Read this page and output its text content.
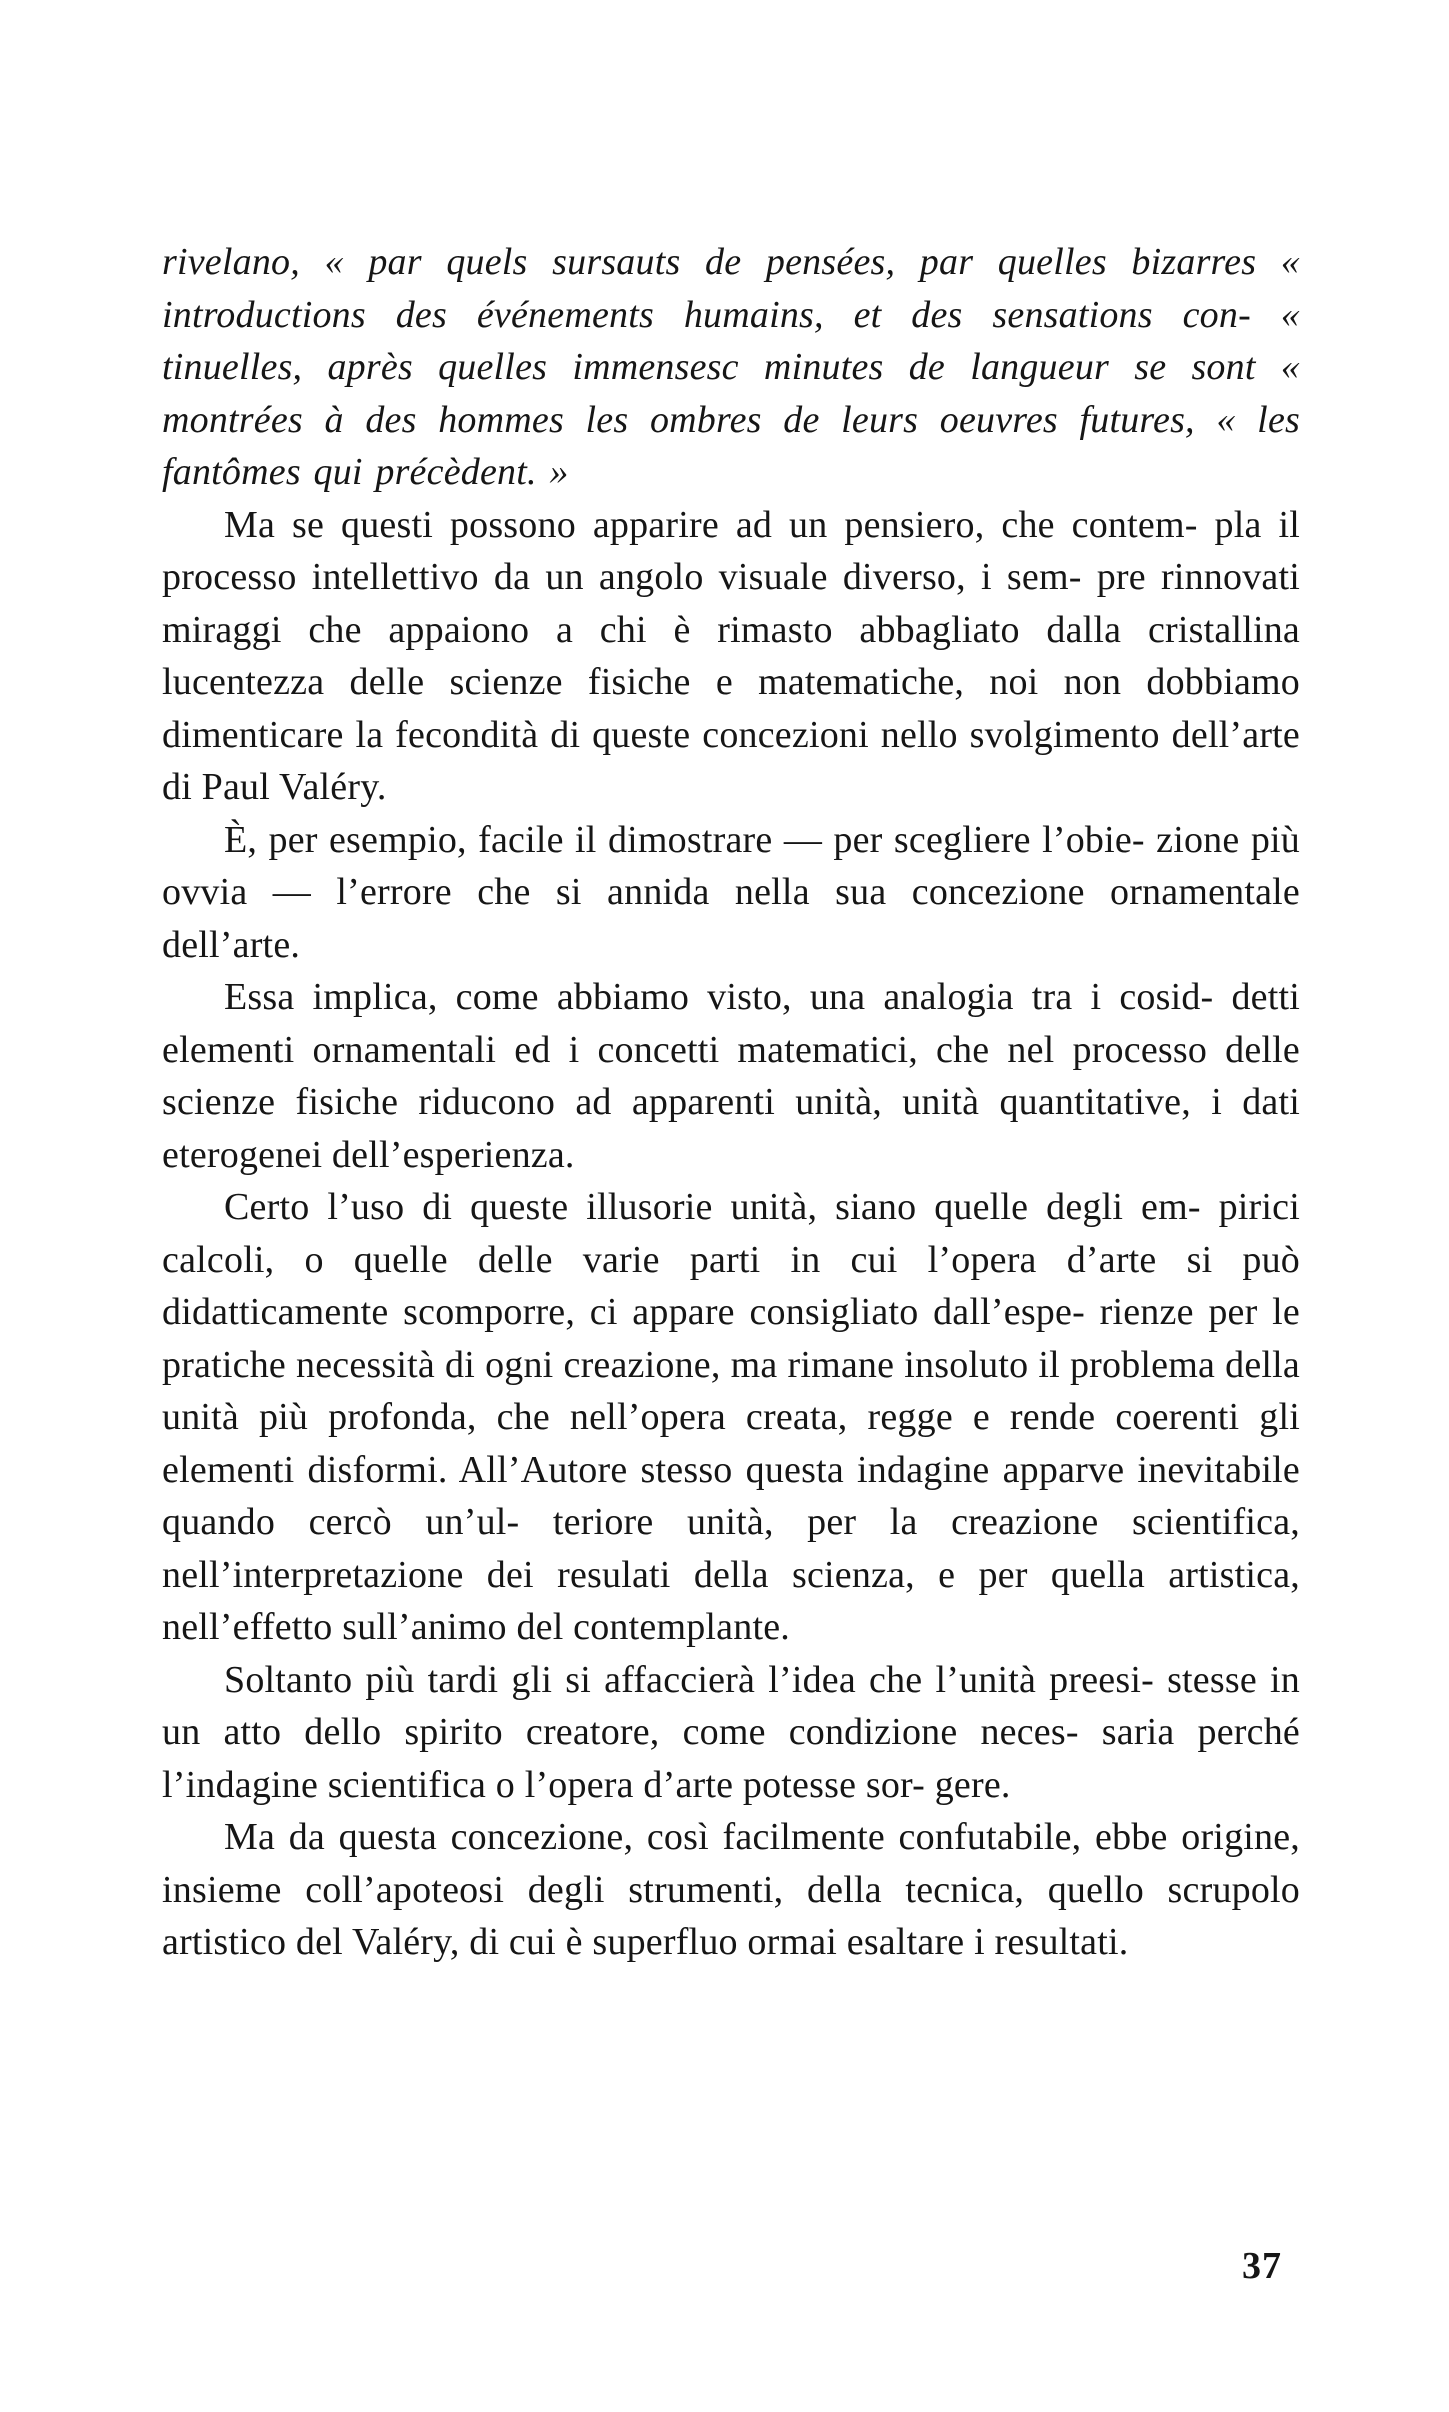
rivelano, « par quels sursauts de pensées, par quelles bizarres « introductions des événements humains, et des sensations con- « tinuelles, après quelles immensesc minutes de langueur se sont « montrées à des hommes les ombres de leurs oeuvres futures, « les fantômes qui précèdent. »

Ma se questi possono apparire ad un pensiero, che contem- pla il processo intellettivo da un angolo visuale diverso, i sem- pre rinnovati miraggi che appaiono a chi è rimasto abbagliato dalla cristallina lucentezza delle scienze fisiche e matematiche, noi non dobbiamo dimenticare la fecondità di queste concezioni nello svolgimento dell’arte di Paul Valéry.

È, per esempio, facile il dimostrare — per scegliere l’obie- zione più ovvia — l’errore che si annida nella sua concezione ornamentale dell’arte.

Essa implica, come abbiamo visto, una analogia tra i cosid- detti elementi ornamentali ed i concetti matematici, che nel processo delle scienze fisiche riducono ad apparenti unità, unità quantitative, i dati eterogenei dell’esperienza.

Certo l’uso di queste illusorie unità, siano quelle degli em- pirici calcoli, o quelle delle varie parti in cui l’opera d’arte si può didatticamente scomporre, ci appare consigliato dall’espe- rienze per le pratiche necessità di ogni creazione, ma rimane insoluto il problema della unità più profonda, che nell’opera creata, regge e rende coerenti gli elementi disformi. All’Autore stesso questa indagine apparve inevitabile quando cercò un’ul- teriore unità, per la creazione scientifica, nell’interpretazione dei resulati della scienza, e per quella artistica, nell’effetto sull’animo del contemplante.

Soltanto più tardi gli si affaccierà l’idea che l’unità preesi- stesse in un atto dello spirito creatore, come condizione neces- saria perché l’indagine scientifica o l’opera d’arte potesse sor- gere.

Ma da questa concezione, così facilmente confutabile, ebbe origine, insieme coll’apoteosi degli strumenti, della tecnica, quello scrupolo artistico del Valéry, di cui è superfluo ormai esaltare i resultati.

37
